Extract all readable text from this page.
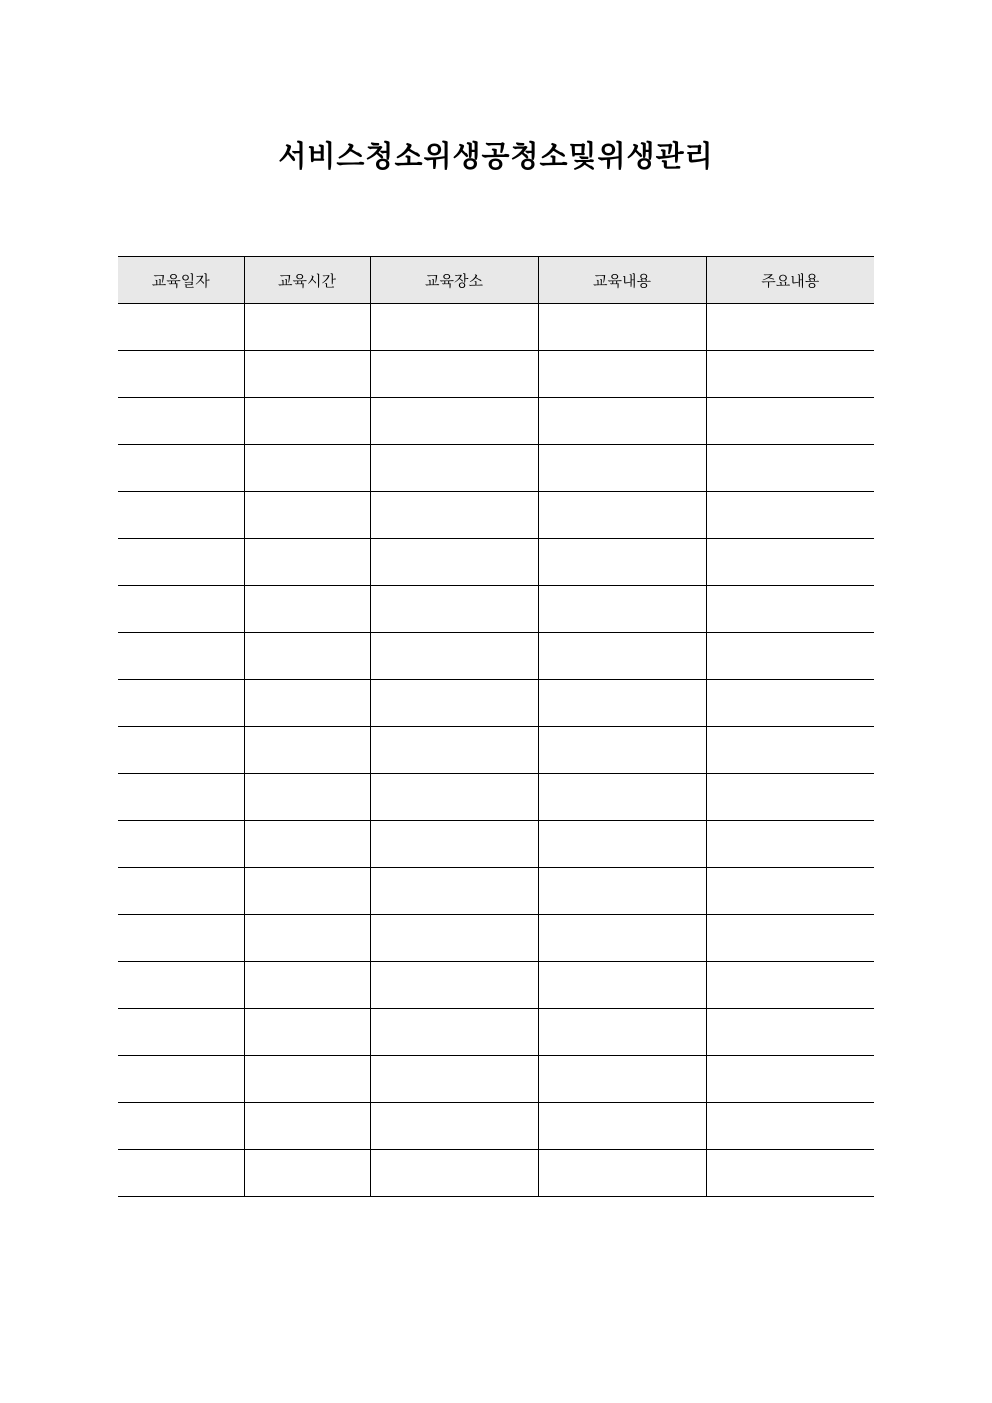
서비스청소위생공청소및위생관리
교육일자	교육시간	교육장소	교육내용	주요내용
